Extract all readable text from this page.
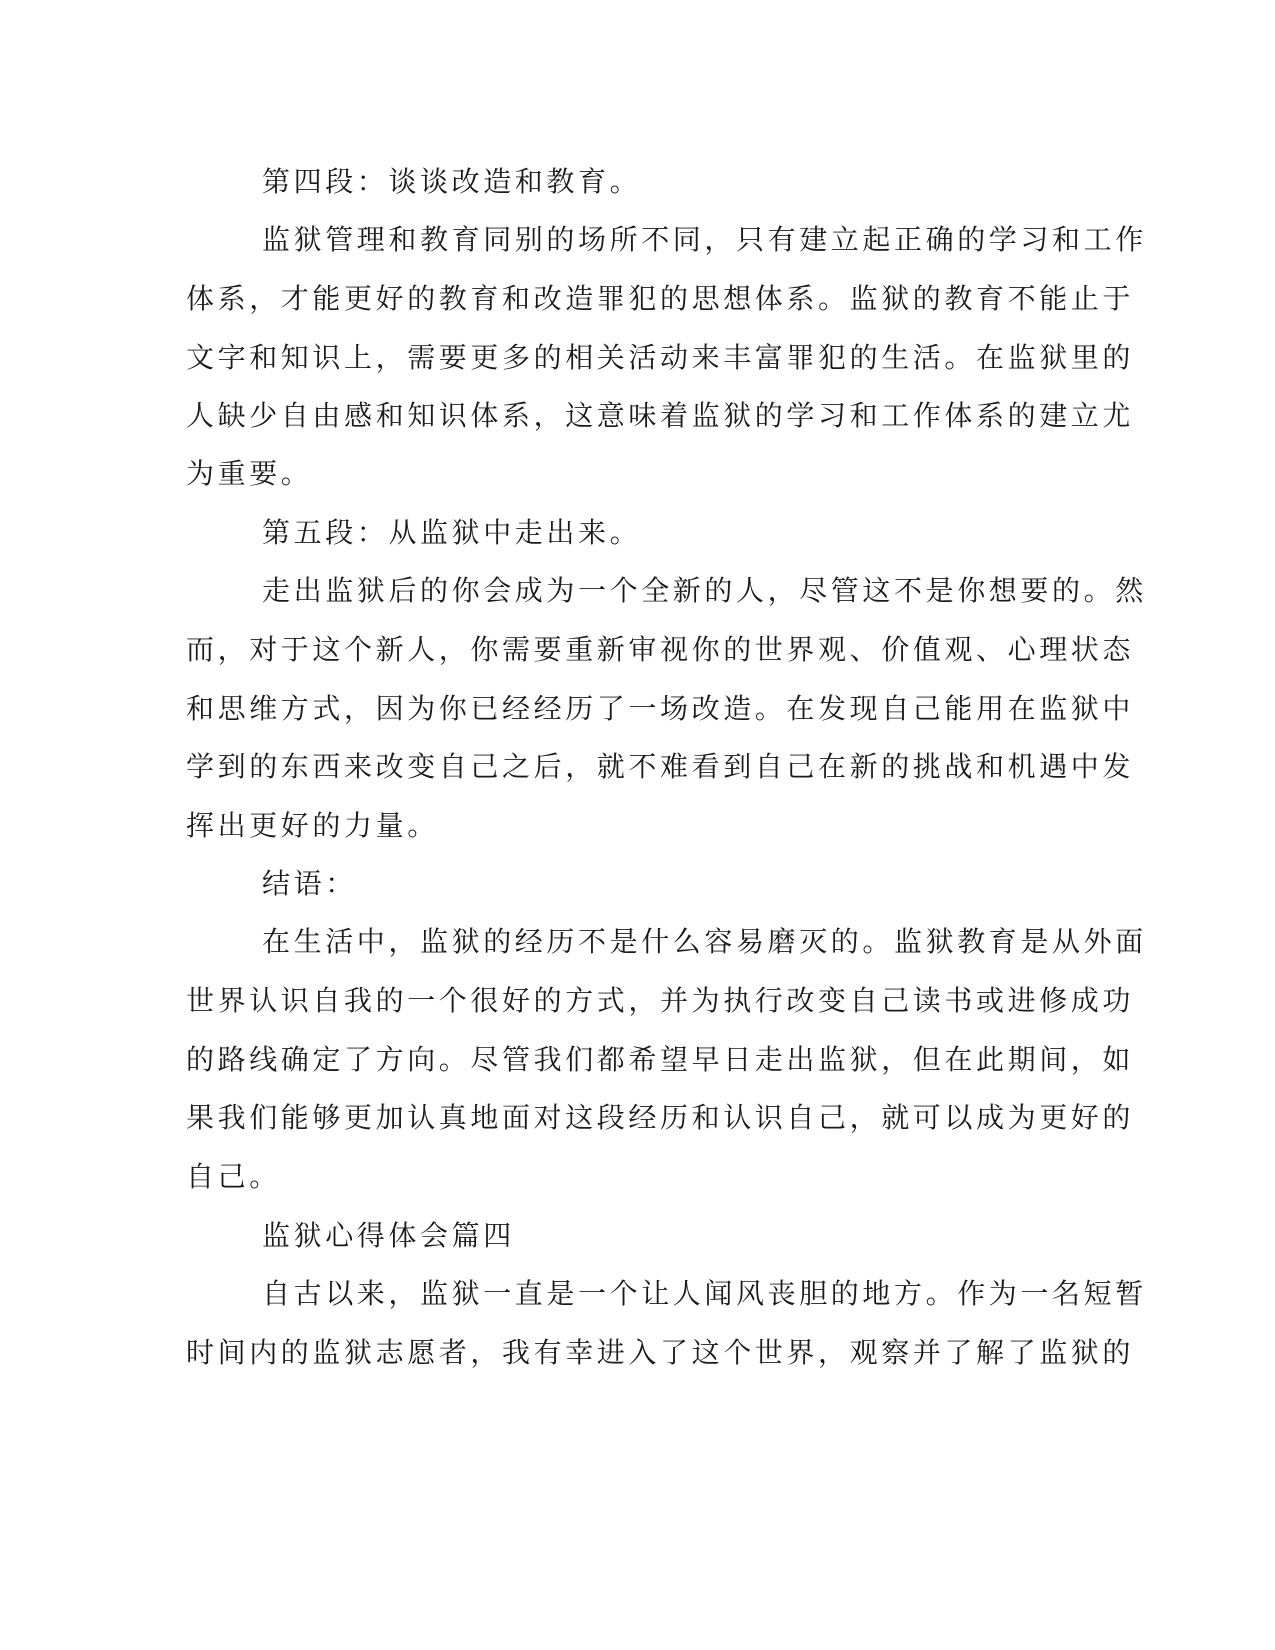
第四段：谈谈改造和教育。
监狱管理和教育同别的场所不同，只有建立起正确的学习和工作
体系，才能更好的教育和改造罪犯的思想体系。监狱的教育不能止于
文字和知识上，需要更多的相关活动来丰富罪犯的生活。在监狱里的
人缺少自由感和知识体系，这意味着监狱的学习和工作体系的建立尤
为重要。
第五段：从监狱中走出来。
走出监狱后的你会成为一个全新的人，尽管这不是你想要的。然
而，对于这个新人，你需要重新审视你的世界观、价值观、心理状态
和思维方式，因为你已经经历了一场改造。在发现自己能用在监狱中
学到的东西来改变自己之后，就不难看到自己在新的挑战和机遇中发
挥出更好的力量。
结语：
在生活中，监狱的经历不是什么容易磨灭的。监狱教育是从外面
世界认识自我的一个很好的方式，并为执行改变自己读书或进修成功
的路线确定了方向。尽管我们都希望早日走出监狱，但在此期间，如
果我们能够更加认真地面对这段经历和认识自己，就可以成为更好的
自己。
监狱心得体会篇四
自古以来，监狱一直是一个让人闻风丧胆的地方。作为一名短暂
时间内的监狱志愿者，我有幸进入了这个世界，观察并了解了监狱的
